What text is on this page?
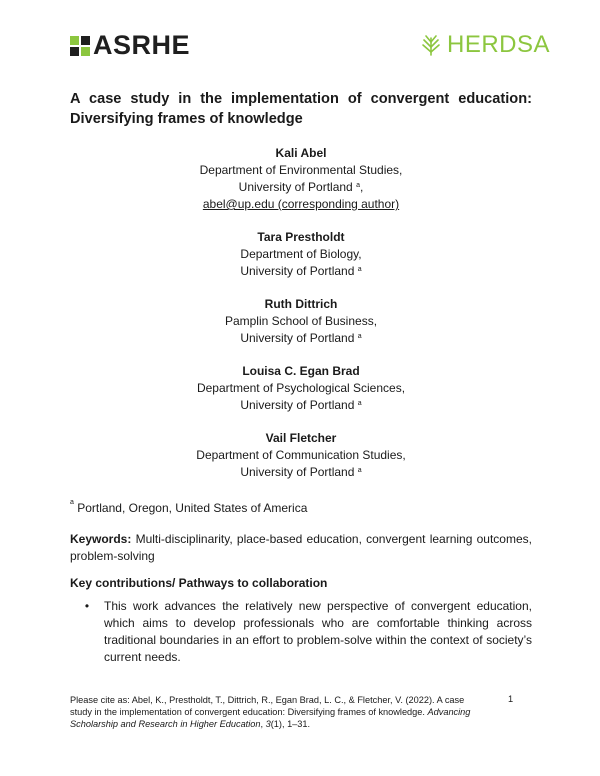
ASRHE	HERDSA
A case study in the implementation of convergent education: Diversifying frames of knowledge
Kali Abel
Department of Environmental Studies,
University of Portland $^a$,
abel@up.edu (corresponding author)
Tara Prestholdt
Department of Biology,
University of Portland $^a$
Ruth Dittrich
Pamplin School of Business,
University of Portland $^a$
Louisa C. Egan Brad
Department of Psychological Sciences,
University of Portland $^a$
Vail Fletcher
Department of Communication Studies,
University of Portland $^a$
$^a$ Portland, Oregon, United States of America
Keywords: Multi-disciplinarity, place-based education, convergent learning outcomes, problem-solving
Key contributions/ Pathways to collaboration
•	This work advances the relatively new perspective of convergent education, which aims to develop professionals who are comfortable thinking across traditional boundaries in an effort to problem-solve within the context of society’s current needs.
Please cite as: Abel, K., Prestholdt, T., Dittrich, R., Egan Brad, L. C., & Fletcher, V. (2022). A case study in the implementation of convergent education: Diversifying frames of knowledge. Advancing Scholarship and Research in Higher Education, 3(1), 1–31.
1
